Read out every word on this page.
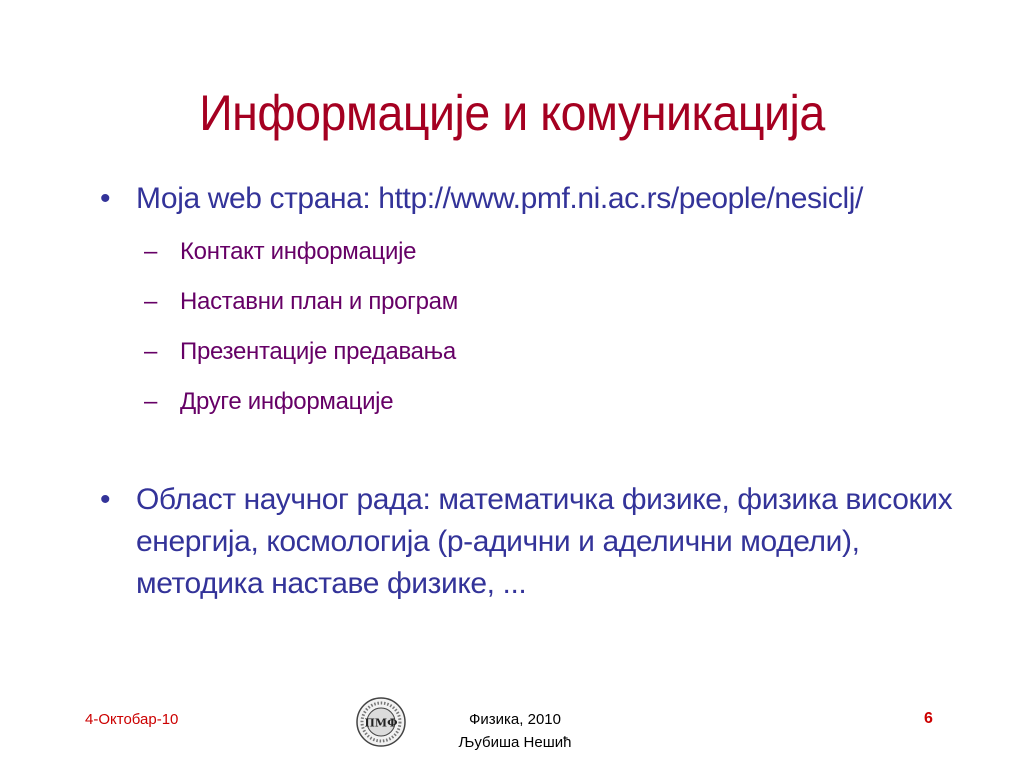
Информације и комуникација
• Моја web страна: http://www.pmf.ni.ac.rs/people/nesiclj/
– Контакт информације
– Наставни план и програм
– Презентације предавања
– Друге информације
• Област научног рада: математичка физике, физика високих енергија, космологија (p-адични и аделични модели), методика наставе физике, ...
4-Октобар-10	ПМФ	Физика, 2010
Љубиша Нешић
6
